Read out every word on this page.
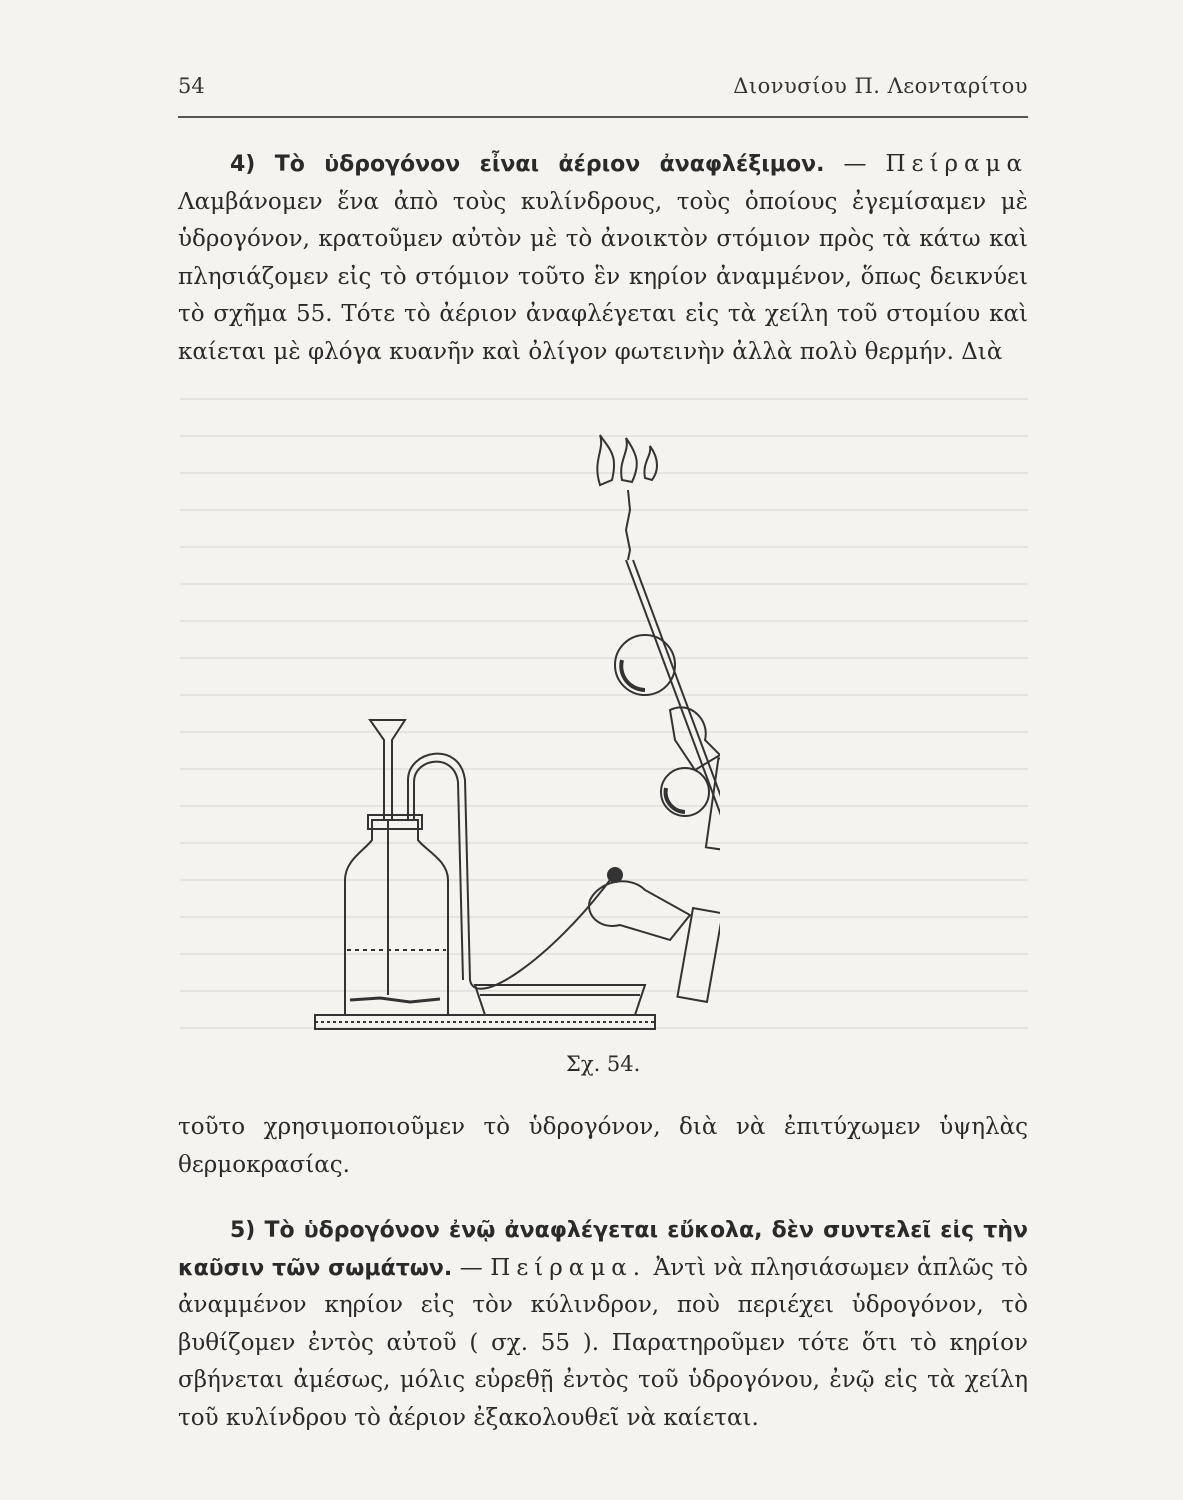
54	Διονυσίου Π. Λεονταρίτου
4) Τὸ ὑδρογόνον εἶναι ἀέριον ἀναφλέξιμον. — Πείραμα Λαμβάνομεν ἕνα ἀπὸ τοὺς κυλίνδρους, τοὺς ὁποίους ἐγεμίσαμεν μὲ ὑδρογόνον, κρατοῦμεν αὐτὸν μὲ τὸ ἀνοικτὸν στόμιον πρὸς τὰ κάτω καὶ πλησιάζομεν εἰς τὸ στόμιον τοῦτο ἓν κηρίον ἀναμμένον, ὅπως δεικνύει τὸ σχῆμα 55. Τότε τὸ ἀέριον ἀναφλέγεται εἰς τὰ χείλη τοῦ στομίου καὶ καίεται μὲ φλόγα κυανῆν καὶ ὀλίγον φωτεινὴν ἀλλὰ πολὺ θερμήν. Διὰ
Σχ. 54.
τοῦτο χρησιμοποιοῦμεν τὸ ὑδρογόνον, διὰ νὰ ἐπιτύχωμεν ὑψηλὰς θερμοκρασίας.
5) Τὸ ὑδρογόνον ἐνῷ ἀναφλέγεται εὔκολα, δὲν συντελεῖ εἰς τὴν καῦσιν τῶν σωμάτων. — Πείραμα. Ἀντὶ νὰ πλησιάσωμεν ἁπλῶς τὸ ἀναμμένον κηρίον εἰς τὸν κύλινδρον, ποὺ περιέχει ὑδρογόνον, τὸ βυθίζομεν ἐντὸς αὐτοῦ ( σχ. 55 ). Παρατηροῦμεν τότε ὅτι τὸ κηρίον σβήνεται ἀμέσως, μόλις εὑρεθῇ ἐντὸς τοῦ ὑδρογόνου, ἐνῷ εἰς τὰ χείλη τοῦ κυλίνδρου τὸ ἀέριον ἐξακολουθεῖ νὰ καίεται.
